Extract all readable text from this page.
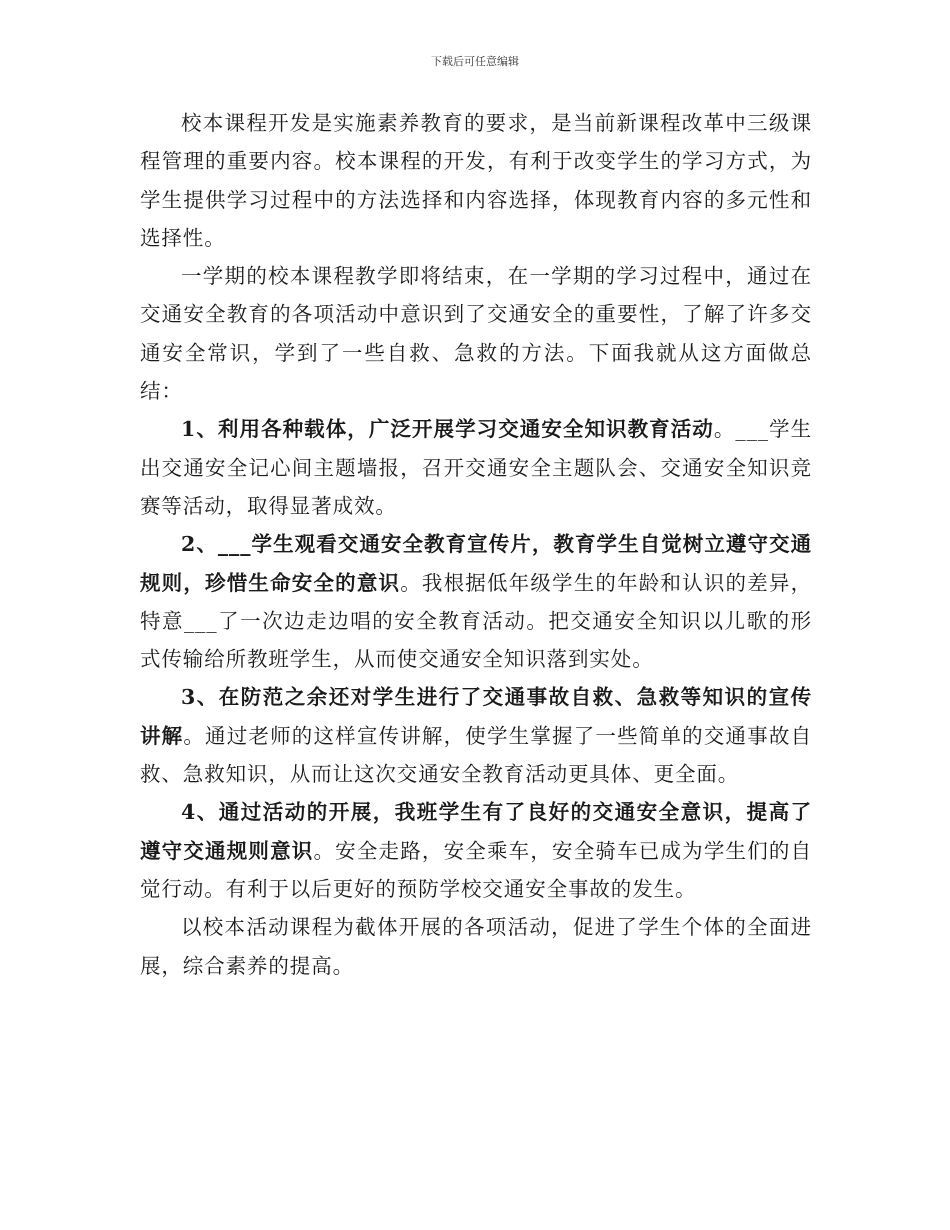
下载后可任意编辑

校本课程开发是实施素养教育的要求，是当前新课程改革中三级课程管理的重要内容。校本课程的开发，有利于改变学生的学习方式，为学生提供学习过程中的方法选择和内容选择，体现教育内容的多元性和选择性。

一学期的校本课程教学即将结束，在一学期的学习过程中，通过在交通安全教育的各项活动中意识到了交通安全的重要性，了解了许多交通安全常识，学到了一些自救、急救的方法。下面我就从这方面做总结：

1、利用各种载体，广泛开展学习交通安全知识教育活动。___学生出交通安全记心间主题墙报，召开交通安全主题队会、交通安全知识竞赛等活动，取得显著成效。

2、___学生观看交通安全教育宣传片，教育学生自觉树立遵守交通规则，珍惜生命安全的意识。我根据低年级学生的年龄和认识的差异，特意___了一次边走边唱的安全教育活动。把交通安全知识以儿歌的形式传输给所教班学生，从而使交通安全知识落到实处。

3、在防范之余还对学生进行了交通事故自救、急救等知识的宣传讲解。通过老师的这样宣传讲解，使学生掌握了一些简单的交通事故自救、急救知识，从而让这次交通安全教育活动更具体、更全面。

4、通过活动的开展，我班学生有了良好的交通安全意识，提高了遵守交通规则意识。安全走路，安全乘车，安全骑车已成为学生们的自觉行动。有利于以后更好的预防学校交通安全事故的发生。

以校本活动课程为截体开展的各项活动，促进了学生个体的全面进展，综合素养的提高。
